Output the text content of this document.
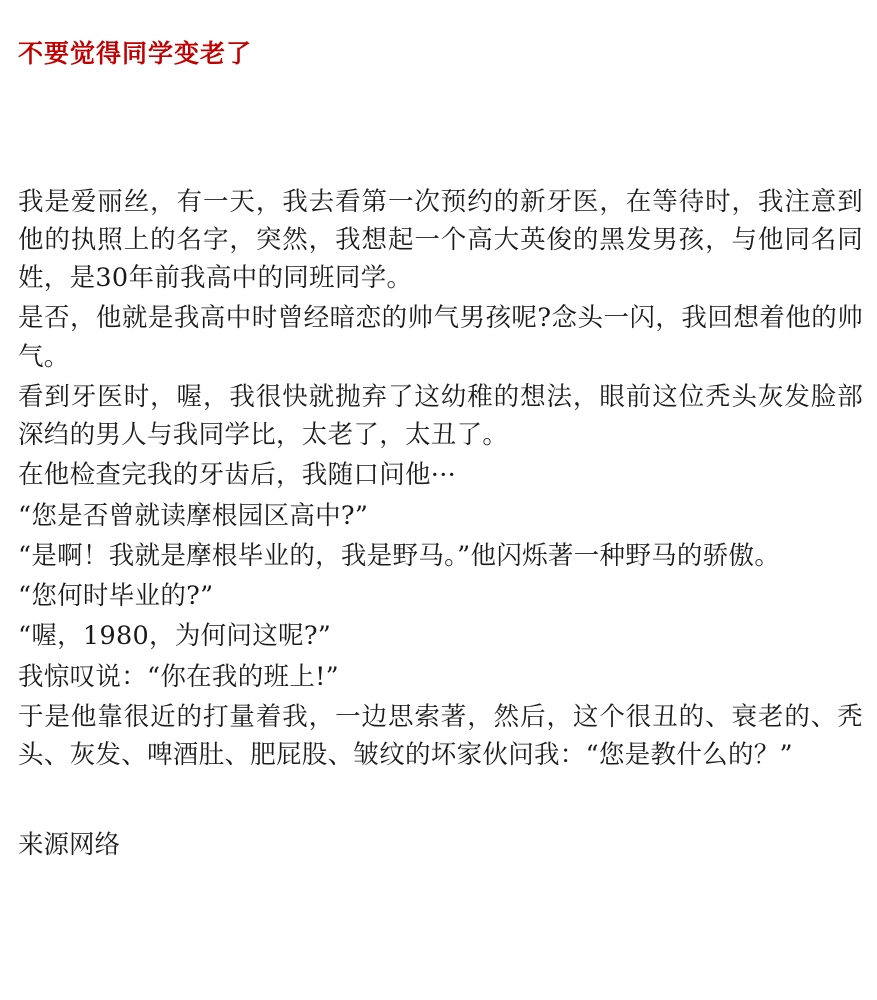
不要觉得同学变老了

我是爱丽丝，有一天，我去看第一次预约的新牙医，在等待时，我注意到他的执照上的名字，突然，我想起一个高大英俊的黑发男孩，与他同名同姓，是30年前我高中的同班同学。

是否，他就是我高中时曾经暗恋的帅气男孩呢?念头一闪，我回想着他的帅气。

看到牙医时，喔，我很快就抛弃了这幼稚的想法，眼前这位秃头灰发脸部深绉的男人与我同学比，太老了，太丑了。

在他检查完我的牙齿后，我随口问他···

“您是否曾就读摩根园区高中?”

“是啊！我就是摩根毕业的，我是野马。”他闪烁著一种野马的骄傲。

“您何时毕业的?”

“喔，1980，为何问这呢?”

我惊叹说：“你在我的班上!”

于是他靠很近的打量着我，一边思索著，然后，这个很丑的、衰老的、秃头、灰发、啤酒肚、肥屁股、皱纹的坏家伙问我：“您是教什么的？”

来源网络
